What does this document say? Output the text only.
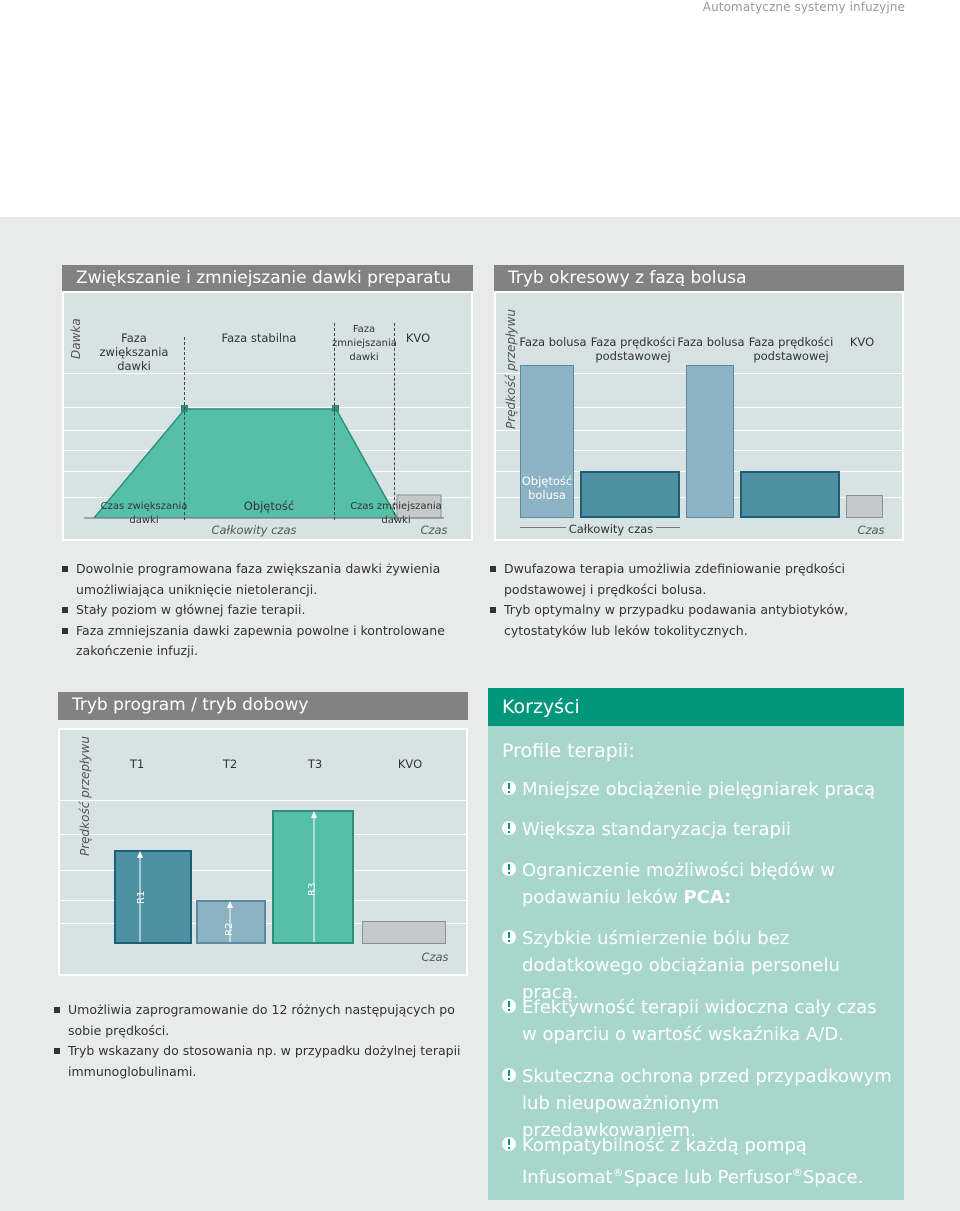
Automatyczne systemy infuzyjne
Zwiększanie i zmniejszanie dawki preparatu
Dawka	Faza zwiększania dawki
Faza stabilna
Faza zmniejszania dawki
KVO
Czas zwiększania dawki
Objętość	Czas zmniejszania dawki
Całkowity czas	Czas
Dowolnie programowana faza zwiększania dawki żywienia umożliwiająca uniknięcie nietolerancji.
Stały poziom w głównej fazie terapii.
Faza zmniejszania dawki zapewnia powolne i kontrolowane zakończenie infuzji.
Tryb okresowy z fazą bolusa
Prędkość przepływu Faza bolusa Faza prędkości podstawowej
Faza bolusa Faza prędkości podstawowej
KVO
Objętość bolusa
Całkowity czas	Czas
Dwufazowa terapia umożliwia zdefiniowanie prędkości podstawowej i prędkości bolusa.
Tryb optymalny w przypadku podawania antybiotyków, cytostatyków lub leków tokolitycznych.
Tryb program / tryb dobowy
Prędkość przepływu	T1	T2	T3	KVO
R1
R2
R3
Czas
Umożliwia zaprogramowanie do 12 różnych następujących po sobie prędkości.
Tryb wskazany do stosowania np. w przypadku dożylnej terapii immunoglobulinami.
Korzyści
Profile terapii:
Mniejsze obciążenie pielęgniarek pracą
Większa standaryzacja terapii
Ograniczenie możliwości błędów w podawaniu leków PCA:
Szybkie uśmierzenie bólu bez dodatkowego obciążania personelu pracą.
Efektywność terapii widoczna cały czas w oparciu o wartość wskaźnika A/D.
Skuteczna ochrona przed przypadkowym lub nieupoważnionym przedawkowaniem.
Kompatybilność z każdą pompą
Infusomat®Space lub Perfusor®Space.
